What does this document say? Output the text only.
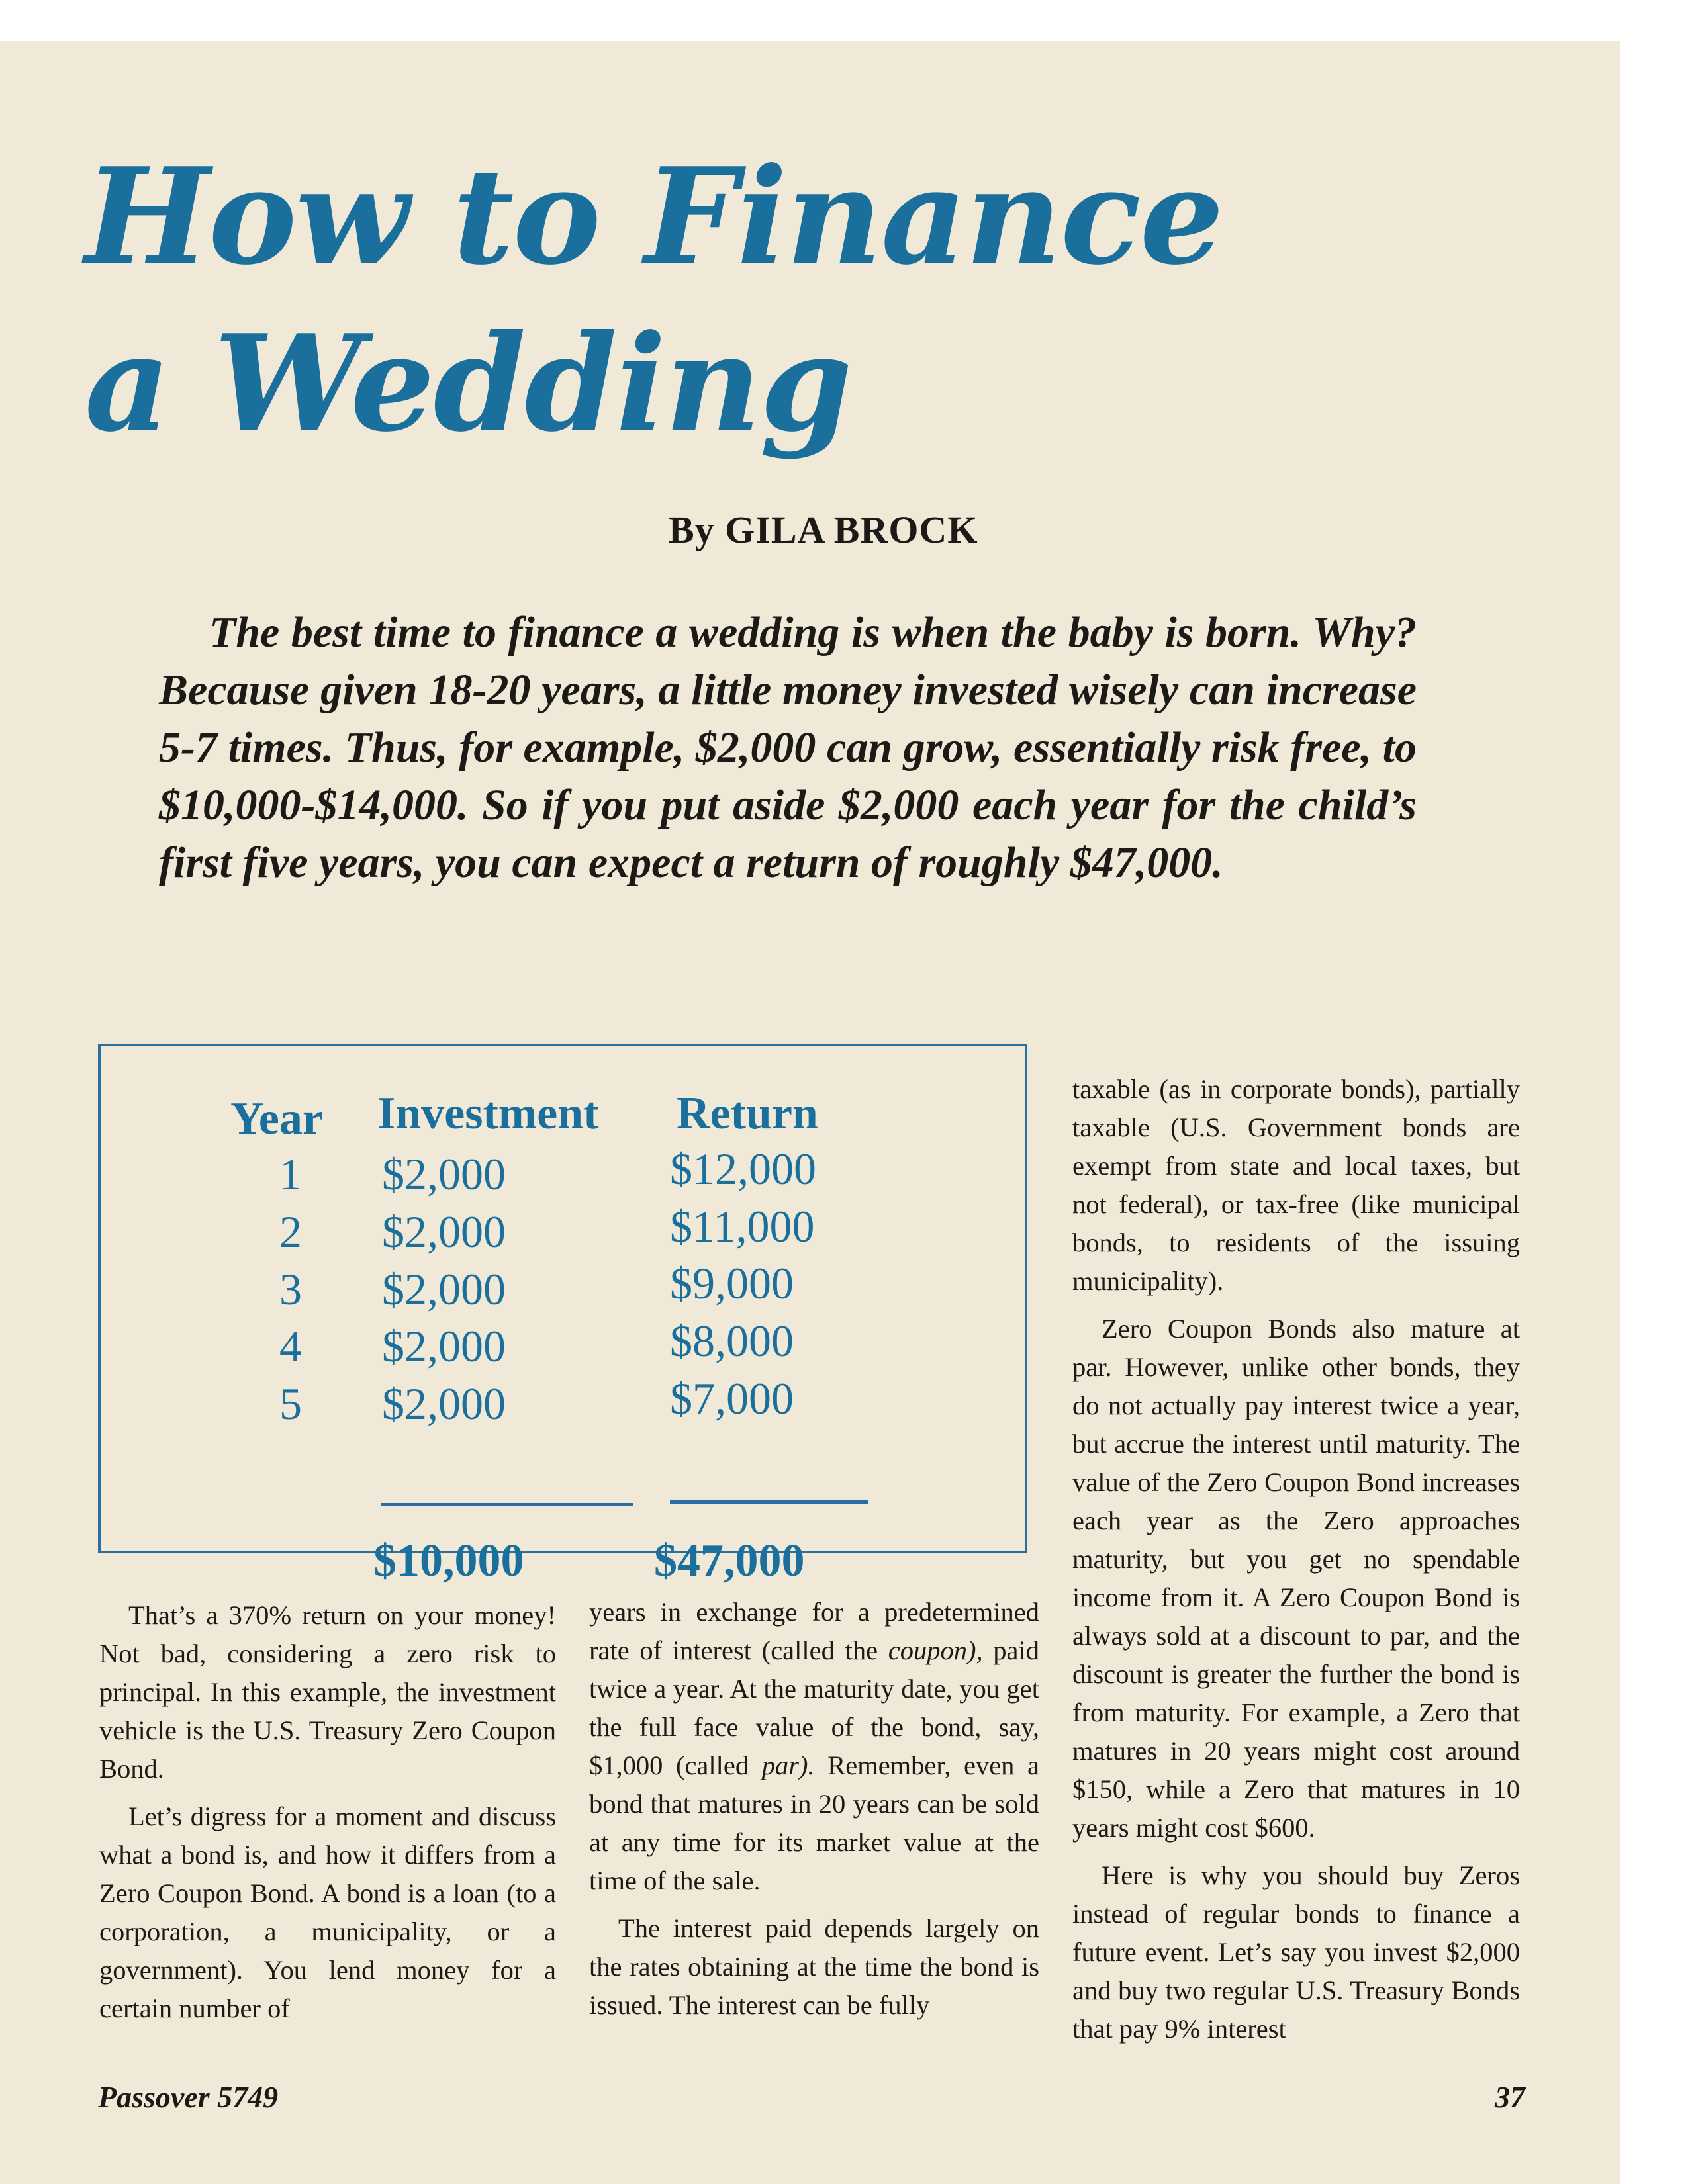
How to Finance
a Wedding
By GILA BROCK

The best time to finance a wedding is when the baby is born. Why? Because given 18-20 years, a little money invested wisely can increase 5-7 times. Thus, for example, $2,000 can grow, essentially risk free, to $10,000-$14,000. So if you put aside $2,000 each year for the child’s first five years, you can expect a return of roughly $47,000.

Year Investment Return
1 $2,000	$12,000
2 $2,000	$11,000
3 $2,000	$9,000
4 $2,000	$8,000
5 $2,000	$7,000
$10,000	$47,000

That’s a 370% return on your money! Not bad, considering a zero risk to principal. In this example, the investment vehicle is the U.S. Treasury Zero Coupon Bond.

Let’s digress for a moment and discuss what a bond is, and how it differs from a Zero Coupon Bond. A bond is a loan (to a corporation, a municipality, or a government). You lend money for a certain number of

years in exchange for a predetermined rate of interest (called the coupon), paid twice a year. At the maturity date, you get the full face value of the bond, say, $1,000 (called par). Remember, even a bond that matures in 20 years can be sold at any time for its market value at the time of the sale.

The interest paid depends largely on the rates obtaining at the time the bond is issued. The interest can be fully

taxable (as in corporate bonds), partially taxable (U.S. Government bonds are exempt from state and local taxes, but not federal), or tax-free (like municipal bonds, to residents of the issuing municipality).

Zero Coupon Bonds also mature at par. However, unlike other bonds, they do not actually pay interest twice a year, but accrue the interest until maturity. The value of the Zero Coupon Bond increases each year as the Zero approaches maturity, but you get no spendable income from it. A Zero Coupon Bond is always sold at a discount to par, and the discount is greater the further the bond is from maturity. For example, a Zero that matures in 20 years might cost around $150, while a Zero that matures in 10 years might cost $600.

Here is why you should buy Zeros instead of regular bonds to finance a future event. Let’s say you invest $2,000 and buy two regular U.S. Treasury Bonds that pay 9% interest

Passover 5749	37
